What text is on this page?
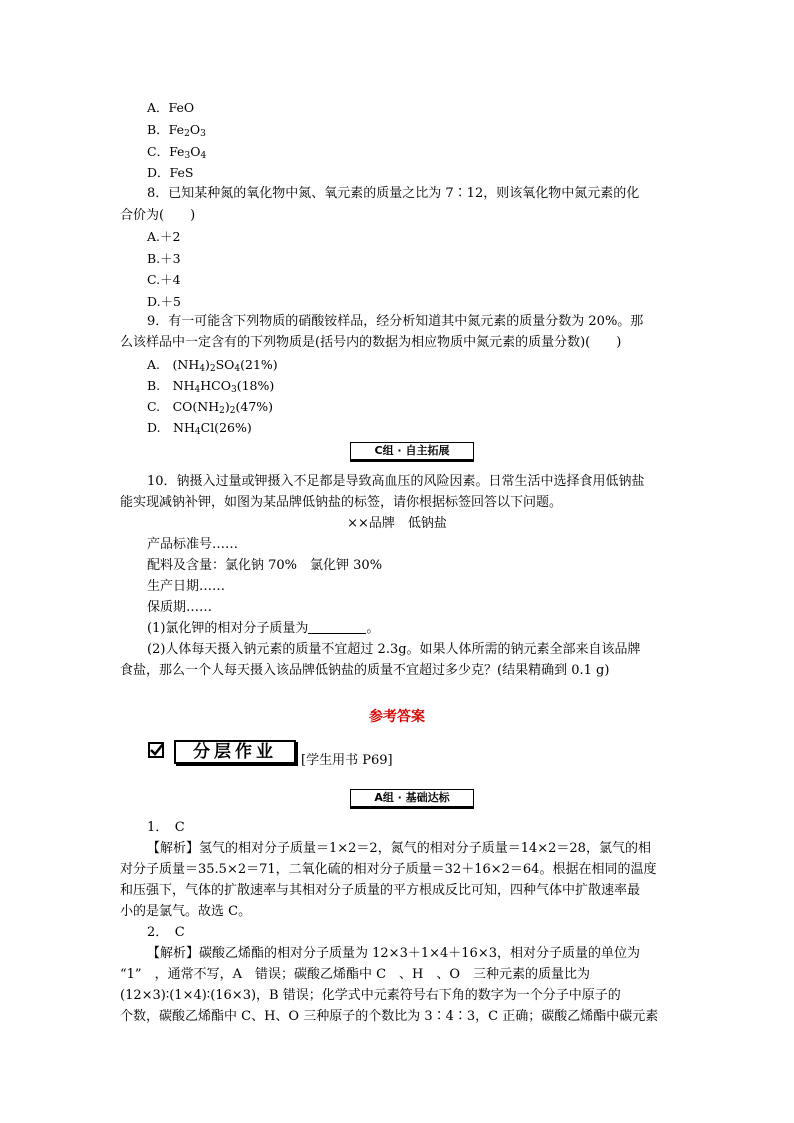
A．FeO
B．$Fe_2O_3$
C．$Fe_3O_4$
D．FeS
8．已知某种氮的氧化物中氮、氧元素的质量之比为 7∶12，则该氧化物中氮元素的化
合价为(　　)
A.＋2
B.＋3
C.＋4
D.＋5
9．有一可能含下列物质的硝酸铵样品，经分析知道其中氮元素的质量分数为 20%。那
么该样品中一定含有的下列物质是(括号内的数据为相应物质中氮元素的质量分数)(　　)
A.　$(NH_4)_2SO_4(21\%)$
B.　$NH_4HCO_3(18\%)$
C.　$CO(NH_2)_2(47\%)$
D.　$NH_4Cl(26\%)$
C组 · 自主拓展
10．钠摄入过量或钾摄入不足都是导致高血压的风险因素。日常生活中选择食用低钠盐
能实现减钠补钾，如图为某品牌低钠盐的标签，请你根据标签回答以下问题。
××品牌　低钠盐
产品标准号……
配料及含量：氯化钠 70%　氯化钾 30%
生产日期……
保质期……
(1)氯化钾的相对分子质量为	。
(2)人体每天摄入钠元素的质量不宜超过 2.3g。如果人体所需的钠元素全部来自该品牌
食盐，那么一个人每天摄入该品牌低钠盐的质量不宜超过多少克？(结果精确到 0.1 g)
参考答案
分层作业	[学生用书 P69]
A组 · 基础达标
1．　C
【解析】氢气的相对分子质量＝1×2＝2，氮气的相对分子质量＝14×2＝28，氯气的相
对分子质量＝35.5×2＝71，二氧化硫的相对分子质量＝32＋16×2＝64。根据在相同的温度
和压强下，气体的扩散速率与其相对分子质量的平方根成反比可知，四种气体中扩散速率最
小的是氯气。故选 C。
2．　C
【解析】碳酸乙烯酯的相对分子质量为 12×3＋1×4＋16×3，相对分子质量的单位为
“1”　，通常不写，A　错误；碳酸乙烯酯中 C　、H　、O　三种元素的质量比为
(12×3)∶(1×4)∶(16×3)，B 错误；化学式中元素符号右下角的数字为一个分子中原子的
个数，碳酸乙烯酯中 C、H、O 三种原子的个数比为 3∶4∶3，C 正确；碳酸乙烯酯中碳元素
